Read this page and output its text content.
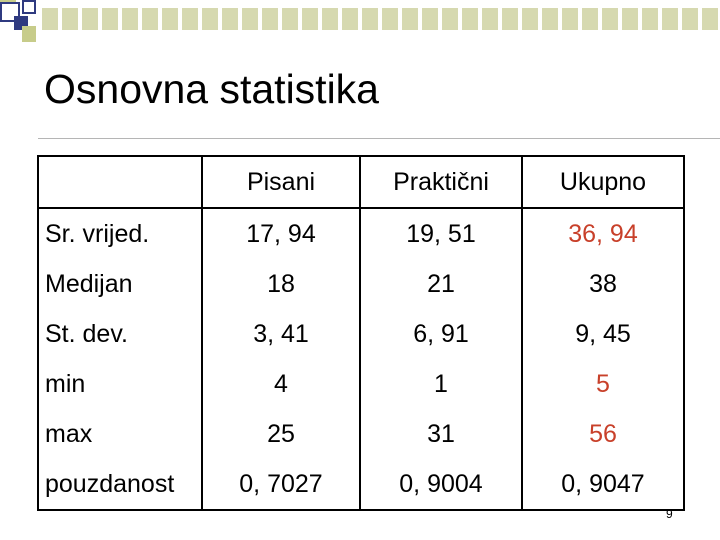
Osnovna statistika
	Pisani	Praktični	Ukupno
Sr. vrijed.	17, 94	19, 51	36, 94
Medijan	18	21	38
St. dev.	3, 41	6, 91	9, 45
min	4	1	5
max	25	31	56
pouzdanost	0, 7027	0, 9004	0, 9047
9
